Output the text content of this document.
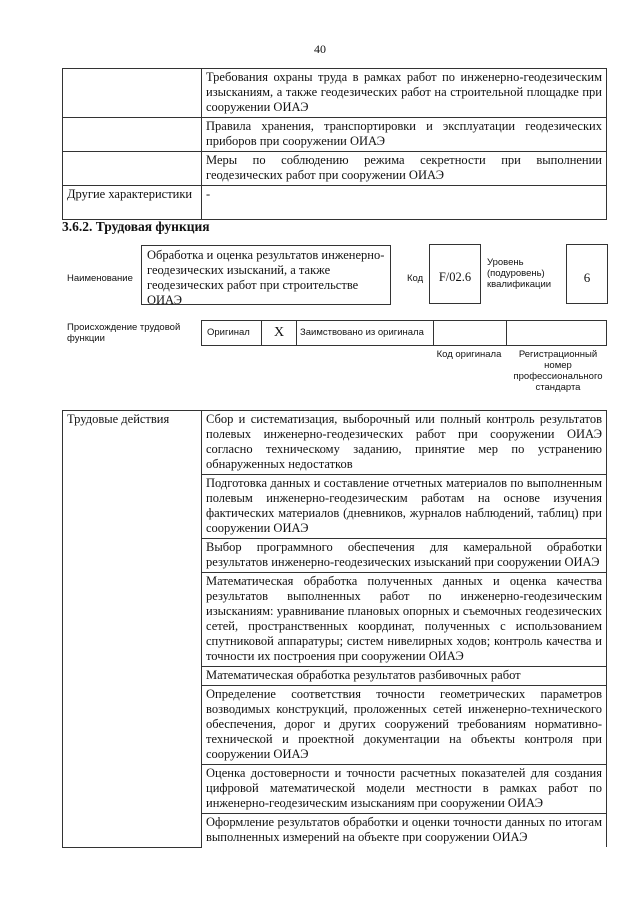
40
	Требования охраны труда в рамках работ по инженерно-геодезическим изысканиям, а также геодезических работ на строительной площадке при сооружении ОИАЭ
	Правила хранения, транспортировки и эксплуатации геодезических приборов при сооружении ОИАЭ
	Меры по соблюдению режима секретности при выполнении геодезических работ при сооружении ОИАЭ
Другие характеристики	-
3.6.2. Трудовая функция
Наименование
Обработка и оценка результатов инженерно-геодезических изысканий, а также геодезических работ при строительстве ОИАЭ
Код	F/02.6
Уровень (подуровень) квалификации	6
Происхождение трудовой функции
Оригинал	X	Заимствовано из оригинала
Код оригинала	Регистрационный номер профессионального стандарта
Трудовые действия	Сбор и систематизация, выборочный или полный контроль результатов полевых инженерно-геодезических работ при сооружении ОИАЭ согласно техническому заданию, принятие мер по устранению обнаруженных недостатков
Подготовка данных и составление отчетных материалов по выполненным полевым инженерно-геодезическим работам на основе изучения фактических материалов (дневников, журналов наблюдений, таблиц) при сооружении ОИАЭ
Выбор программного обеспечения для камеральной обработки результатов инженерно-геодезических изысканий при сооружении ОИАЭ
Математическая обработка полученных данных и оценка качества результатов выполненных работ по инженерно-геодезическим изысканиям: уравнивание плановых опорных и съемочных геодезических сетей, пространственных координат, полученных с использованием спутниковой аппаратуры; систем нивелирных ходов; контроль качества и точности их построения при сооружении ОИАЭ
Математическая обработка результатов разбивочных работ
Определение соответствия точности геометрических параметров возводимых конструкций, проложенных сетей инженерно-технического обеспечения, дорог и других сооружений требованиям нормативно-технической и проектной документации на объекты контроля при сооружении ОИАЭ
Оценка достоверности и точности расчетных показателей для создания цифровой математической модели местности в рамках работ по инженерно-геодезическим изысканиям при сооружении ОИАЭ
Оформление результатов обработки и оценки точности данных по итогам выполненных измерений на объекте при сооружении ОИАЭ
